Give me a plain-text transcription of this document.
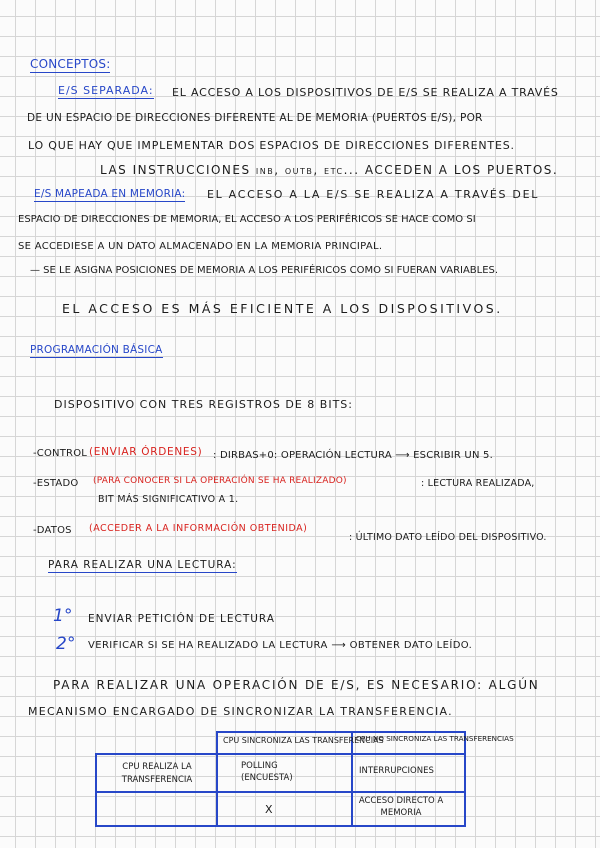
CONCEPTOS:
E/S SEPARADA: EL ACCESO A LOS DISPOSITIVOS DE E/S SE REALIZA A TRAVÉS
DE UN ESPACIO DE DIRECCIONES DIFERENTE AL DE MEMORIA (PUERTOS E/S), POR
LO QUE HAY QUE IMPLEMENTAR DOS ESPACIOS DE DIRECCIONES DIFERENTES.
LAS INSTRUCCIONES inb, outb, etc... ACCEDEN A LOS PUERTOS.
E/S MAPEADA EN MEMORIA: EL ACCESO A LA E/S SE REALIZA A TRAVÉS DEL
ESPACIO DE DIRECCIONES DE MEMORIA, EL ACCESO A LOS PERIFÉRICOS SE HACE COMO SI
SE ACCEDIESE A UN DATO ALMACENADO EN LA MEMORIA PRINCIPAL.
— SE LE ASIGNA POSICIONES DE MEMORIA A LOS PERIFÉRICOS COMO SI FUERAN VARIABLES.
EL ACCESO ES MÁS EFICIENTE A LOS DISPOSITIVOS.
PROGRAMACIÓN BÁSICA
DISPOSITIVO CON TRES REGISTROS DE 8 BITS:
-CONTROL (ENVIAR ÓRDENES) : DIRBAS+0: OPERACIÓN LECTURA ⟶ ESCRIBIR UN 5.
-ESTADO (PARA CONOCER SI LA OPERACIÓN SE HA REALIZADO)	: LECTURA REALIZADA,
BIT MÁS SIGNIFICATIVO A 1.
-DATOS (ACCEDER A LA INFORMACIÓN OBTENIDA)
: ÚLTIMO DATO LEÍDO DEL DISPOSITIVO.
PARA REALIZAR UNA LECTURA:
1° ENVIAR PETICIÓN DE LECTURA
2° VERIFICAR SI SE HA REALIZADO LA LECTURA ⟶ OBTENER DATO LEÍDO.
PARA REALIZAR UNA OPERACIÓN DE E/S, ES NECESARIO: ALGÚN
MECANISMO ENCARGADO DE SINCRONIZAR LA TRANSFERENCIA.
CPU SINCRONIZA LAS TRANSFERENCIAS
CPU NO SINCRONIZA LAS TRANSFERENCIAS
CPU REALIZA LA TRANSFERENCIA
POLLING (ENCUESTA)
INTERRUPCIONES
X
ACCESO DIRECTO A MEMORIA
